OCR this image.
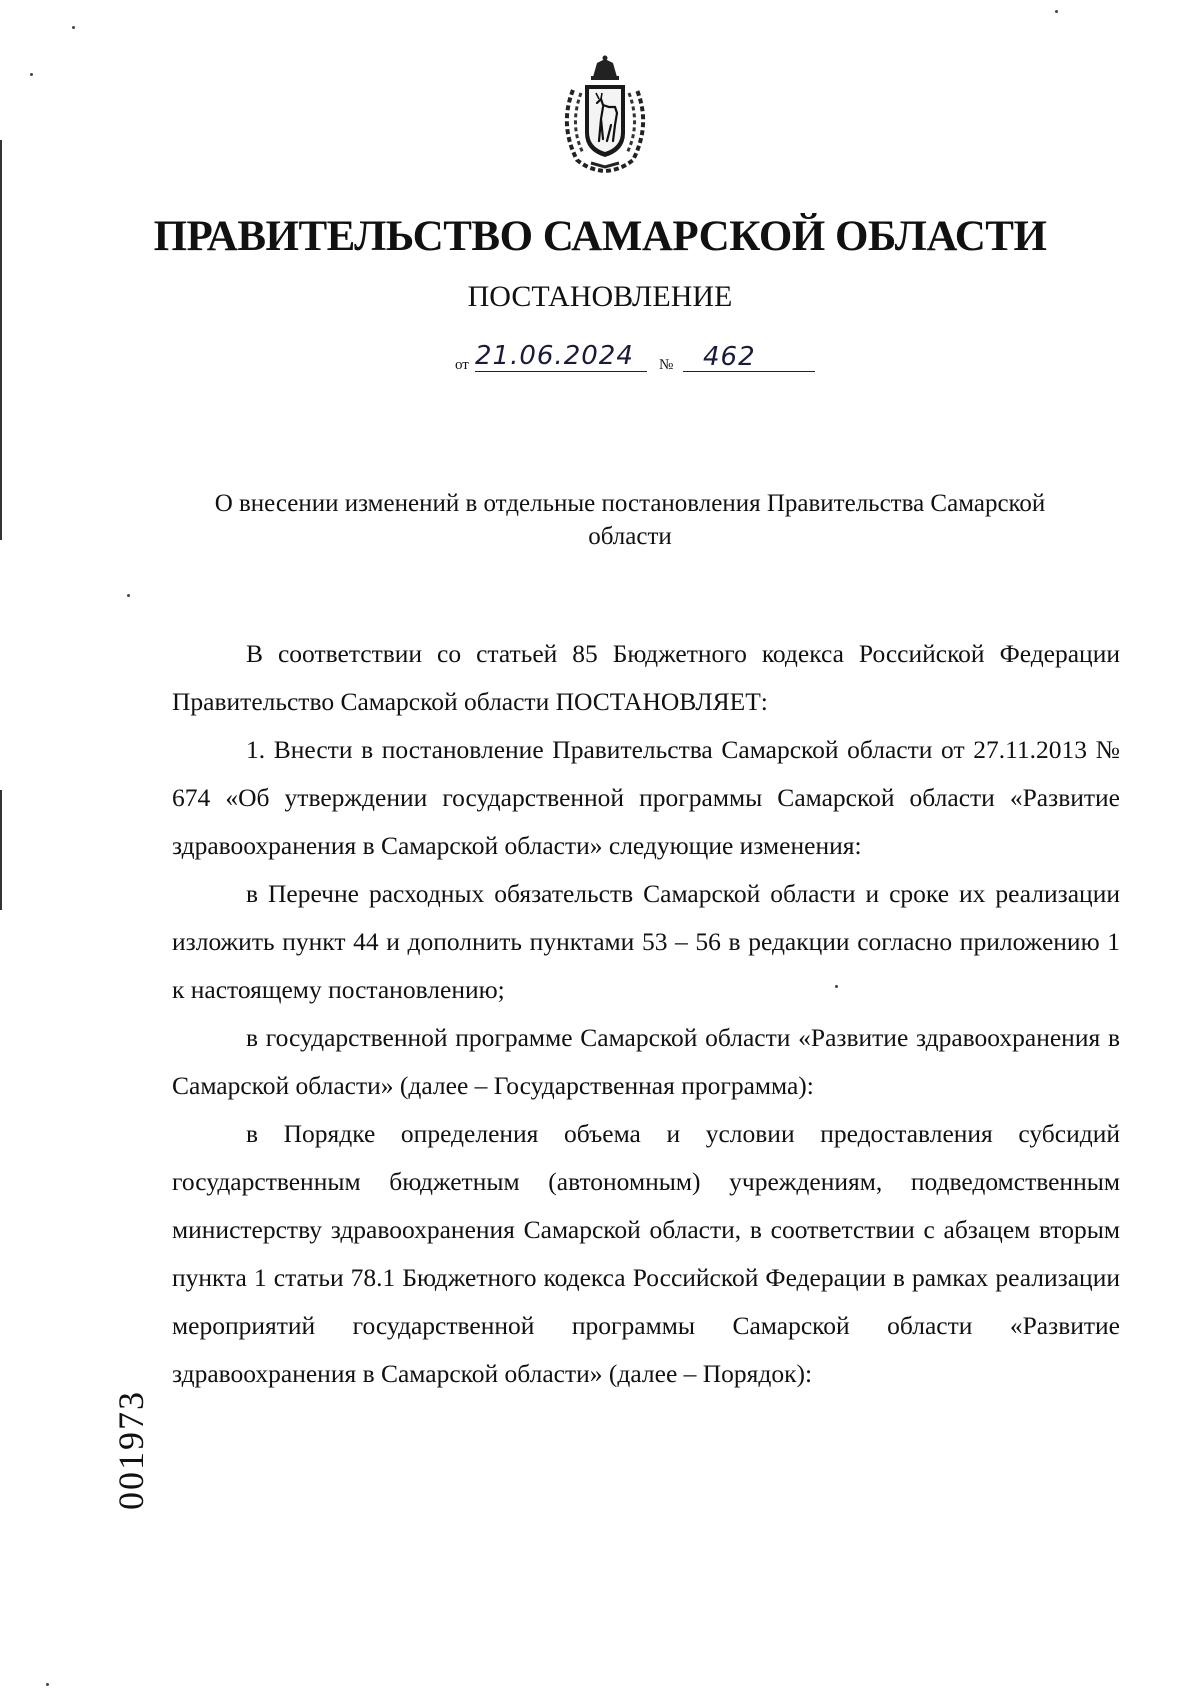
ПРАВИТЕЛЬСТВО САМАРСКОЙ ОБЛАСТИ
ПОСТАНОВЛЕНИЕ
от 21.06.2024	№	462
О внесении изменений в отдельные постановления Правительства Самарской области

В соответствии со статьей 85 Бюджетного кодекса Российской Федерации Правительство Самарской области ПОСТАНОВЛЯЕТ:

1. Внести в постановление Правительства Самарской области от 27.11.2013 № 674 «Об утверждении государственной программы Самарской области «Развитие здравоохранения в Самарской области» следующие изменения:

в Перечне расходных обязательств Самарской области и сроке их реализации изложить пункт 44 и дополнить пунктами 53 – 56 в редакции согласно приложению 1 к настоящему постановлению;

в государственной программе Самарской области «Развитие здравоохранения в Самарской области» (далее – Государственная программа):

в Порядке определения объема и условии предоставления субсидий государственным бюджетным (автономным) учреждениям, подведомственным министерству здравоохранения Самарской области, в соответствии с абзацем вторым пункта 1 статьи 78.1 Бюджетного кодекса Российской Федерации в рамках реализации мероприятий государственной программы Самарской области «Развитие здравоохранения в Самарской области» (далее – Порядок):

001973
